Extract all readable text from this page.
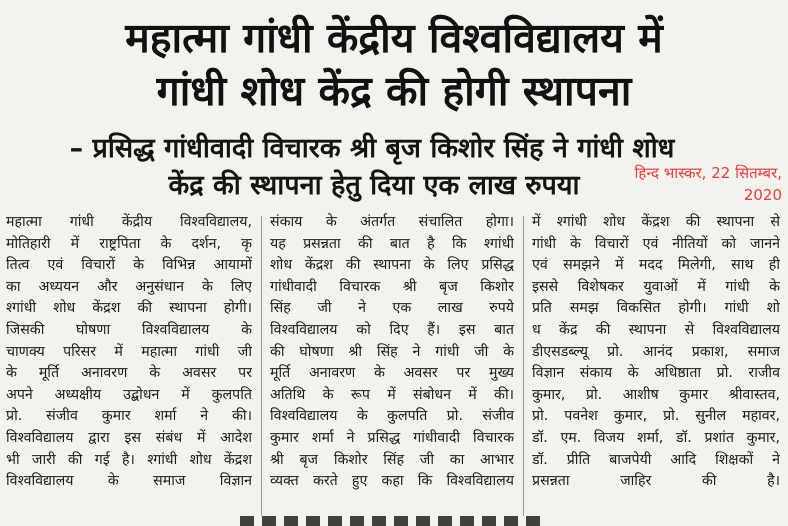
महात्मा गांधी केंद्रीय विश्वविद्यालय में
गांधी शोध केंद्र की होगी स्थापना
– प्रसिद्ध गांधीवादी विचारक श्री बृज किशोर सिंह ने गांधी शोध
केंद्र की स्थापना हेतु दिया एक लाख रुपया	हिन्द भास्कर, 22 सितम्बर,
2020
महात्मा गांधी केंद्रीय विश्वविद्यालय,
मोतिहारी में राष्ट्रपिता के दर्शन, कृ
तित्व एवं विचारों के विभिन्न आयामों
का अध्ययन और अनुसंधान के लिए
श्गांधी शोध केंद्रश की स्थापना होगी।
जिसकी घोषणा विश्वविद्यालय के
चाणक्य परिसर में महात्मा गांधी जी
के मूर्ति अनावरण के अवसर पर
अपने अध्यक्षीय उद्बोधन में कुलपति
प्रो. संजीव कुमार शर्मा ने की।
विश्वविद्यालय द्वारा इस संबंध में आदेश
भी जारी की गई है। श्गांधी शोध केंद्रश
विश्वविद्यालय के समाज विज्ञान
संकाय के अंतर्गत संचालित होगा।
यह प्रसन्नता की बात है कि श्गांधी
शोध केंद्रश की स्थापना के लिए प्रसिद्ध
गांधीवादी विचारक श्री बृज किशोर
सिंह जी ने एक लाख रुपये
विश्वविद्यालय को दिए हैं। इस बात
की घोषणा श्री सिंह ने गांधी जी के
मूर्ति अनावरण के अवसर पर मुख्य
अतिथि के रूप में संबोधन में की।
विश्वविद्यालय के कुलपति प्रो. संजीव
कुमार शर्मा ने प्रसिद्ध गांधीवादी विचारक
श्री बृज किशोर सिंह जी का आभार
व्यक्त करते हुए कहा कि विश्वविद्यालय
में श्गांधी शोध केंद्रश की स्थापना से
गांधी के विचारों एवं नीतियों को जानने
एवं समझने में मदद मिलेगी, साथ ही
इससे विशेषकर युवाओं में गांधी के
प्रति समझ विकसित होगी। गांधी शो
ध केंद्र की स्थापना से विश्वविद्यालय
डीएसडब्ल्यू प्रो. आनंद प्रकाश, समाज
विज्ञान संकाय के अधिष्ठाता प्रो. राजीव
कुमार, प्रो. आशीष कुमार श्रीवास्तव,
प्रो. पवनेश कुमार, प्रो. सुनील महावर,
डॉ. एम. विजय शर्मा, डॉ. प्रशांत कुमार,
डॉ. प्रीति बाजपेयी आदि शिक्षकों ने
प्रसन्नता जाहिर की है।
